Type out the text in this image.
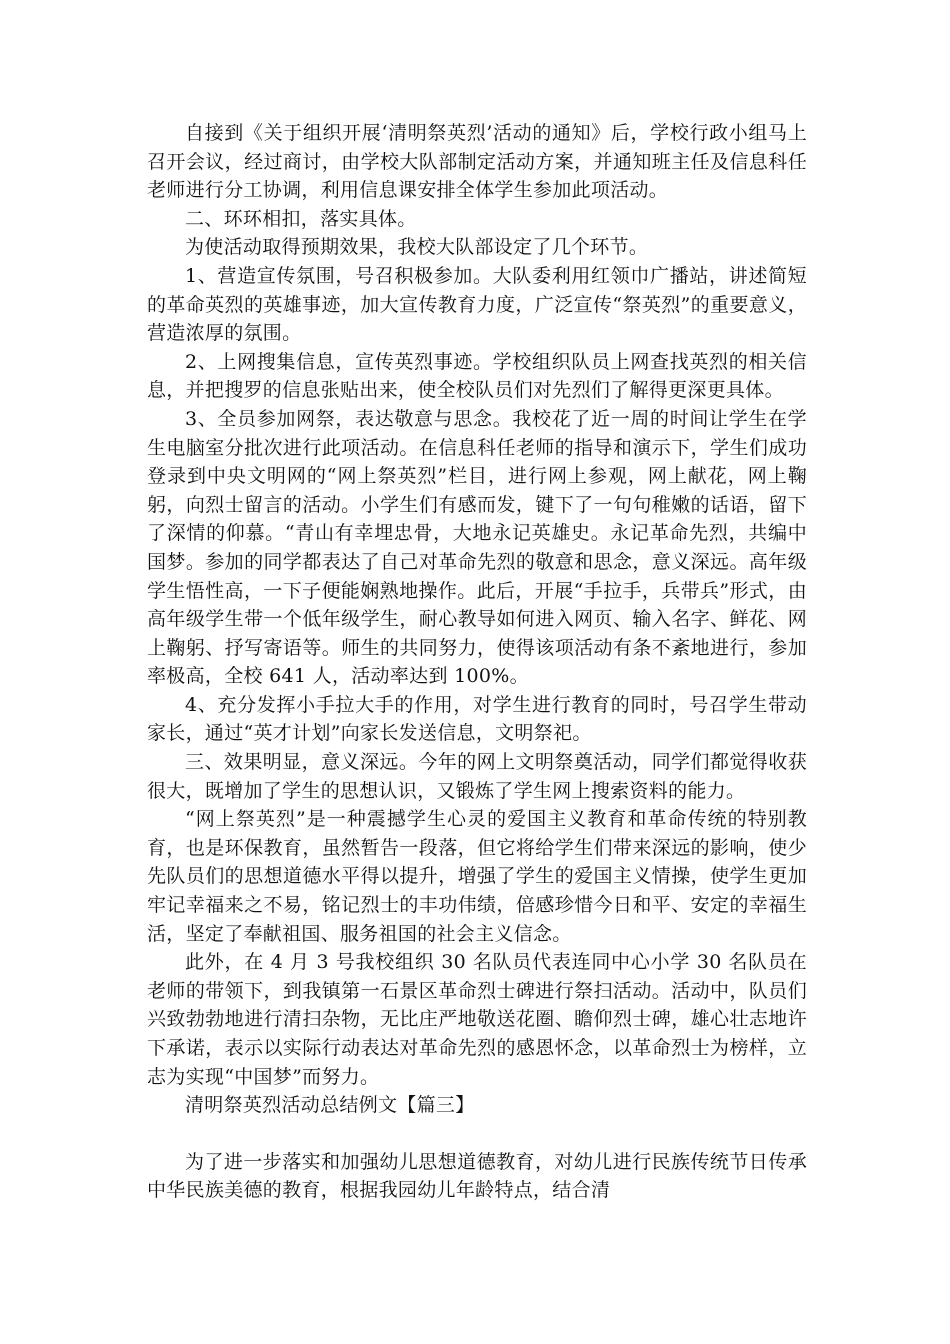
自接到《关于组织开展‘清明祭英烈’活动的通知》后，学校行政小组马上召开会议，经过商讨，由学校大队部制定活动方案，并通知班主任及信息科任老师进行分工协调，利用信息课安排全体学生参加此项活动。

二、环环相扣，落实具体。

为使活动取得预期效果，我校大队部设定了几个环节。

1、营造宣传氛围，号召积极参加。大队委利用红领巾广播站，讲述简短的革命英烈的英雄事迹，加大宣传教育力度，广泛宣传“祭英烈”的重要意义，营造浓厚的氛围。

2、上网搜集信息，宣传英烈事迹。学校组织队员上网查找英烈的相关信息，并把搜罗的信息张贴出来，使全校队员们对先烈们了解得更深更具体。

3、全员参加网祭，表达敬意与思念。我校花了近一周的时间让学生在学生电脑室分批次进行此项活动。在信息科任老师的指导和演示下，学生们成功登录到中央文明网的“网上祭英烈”栏目，进行网上参观，网上献花，网上鞠躬，向烈士留言的活动。小学生们有感而发，键下了一句句稚嫩的话语，留下了深情的仰慕。“青山有幸埋忠骨，大地永记英雄史。永记革命先烈，共编中国梦。参加的同学都表达了自己对革命先烈的敬意和思念，意义深远。高年级学生悟性高，一下子便能娴熟地操作。此后，开展“手拉手，兵带兵”形式，由高年级学生带一个低年级学生，耐心教导如何进入网页、输入名字、鲜花、网上鞠躬、抒写寄语等。师生的共同努力，使得该项活动有条不紊地进行，参加率极高，全校 641 人，活动率达到 100%。

4、充分发挥小手拉大手的作用，对学生进行教育的同时，号召学生带动家长，通过“英才计划”向家长发送信息，文明祭祀。

三、效果明显，意义深远。今年的网上文明祭奠活动，同学们都觉得收获很大，既增加了学生的思想认识，又锻炼了学生网上搜索资料的能力。

“网上祭英烈”是一种震撼学生心灵的爱国主义教育和革命传统的特别教育，也是环保教育，虽然暂告一段落，但它将给学生们带来深远的影响，使少先队员们的思想道德水平得以提升，增强了学生的爱国主义情操，使学生更加牢记幸福来之不易，铭记烈士的丰功伟绩，倍感珍惜今日和平、安定的幸福生活，坚定了奉献祖国、服务祖国的社会主义信念。

此外，在 4 月 3 号我校组织 30 名队员代表连同中心小学 30 名队员在老师的带领下，到我镇第一石景区革命烈士碑进行祭扫活动。活动中，队员们兴致勃勃地进行清扫杂物，无比庄严地敬送花圈、瞻仰烈士碑，雄心壮志地许下承诺，表示以实际行动表达对革命先烈的感恩怀念，以革命烈士为榜样，立志为实现“中国梦”而努力。

清明祭英烈活动总结例文【篇三】

为了进一步落实和加强幼儿思想道德教育，对幼儿进行民族传统节日传承中华民族美德的教育，根据我园幼儿年龄特点，结合清
